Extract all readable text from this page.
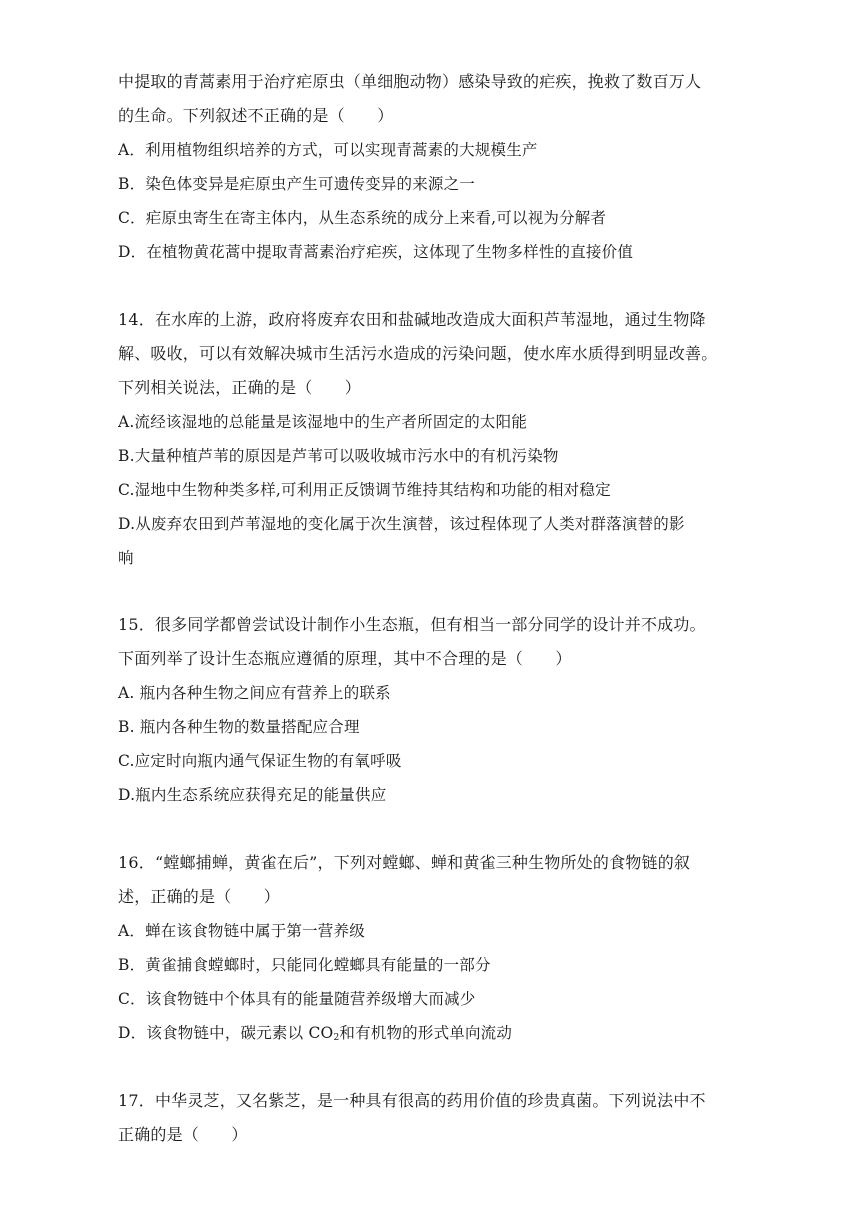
中提取的青蒿素用于治疗疟原虫（单细胞动物）感染导致的疟疾，挽救了数百万人
的生命。下列叙述不正确的是（　　）
A．利用植物组织培养的方式，可以实现青蒿素的大规模生产
B．染色体变异是疟原虫产生可遗传变异的来源之一
C．疟原虫寄生在寄主体内，从生态系统的成分上来看,可以视为分解者
D．在植物黄花蒿中提取青蒿素治疗疟疾，这体现了生物多样性的直接价值
14．在水库的上游，政府将废弃农田和盐碱地改造成大面积芦苇湿地，通过生物降
解、吸收，可以有效解决城市生活污水造成的污染问题，使水库水质得到明显改善。
下列相关说法，正确的是（　　）
A.流经该湿地的总能量是该湿地中的生产者所固定的太阳能
B.大量种植芦苇的原因是芦苇可以吸收城市污水中的有机污染物
C.湿地中生物种类多样,可利用正反馈调节维持其结构和功能的相对稳定
D.从废弃农田到芦苇湿地的变化属于次生演替，该过程体现了人类对群落演替的影
响
15．很多同学都曾尝试设计制作小生态瓶，但有相当一部分同学的设计并不成功。
下面列举了设计生态瓶应遵循的原理，其中不合理的是（　　）
A. 瓶内各种生物之间应有营养上的联系
B. 瓶内各种生物的数量搭配应合理
C.应定时向瓶内通气保证生物的有氧呼吸
D.瓶内生态系统应获得充足的能量供应
16．“螳螂捕蝉，黄雀在后”，下列对螳螂、蝉和黄雀三种生物所处的食物链的叙
述，正确的是（　　）
A．蝉在该食物链中属于第一营养级
B．黄雀捕食螳螂时，只能同化螳螂具有能量的一部分
C．该食物链中个体具有的能量随营养级增大而减少
D．该食物链中，碳元素以 $CO_2$和有机物的形式单向流动
17．中华灵芝，又名紫芝，是一种具有很高的药用价值的珍贵真菌。下列说法中不
正确的是（　　）
